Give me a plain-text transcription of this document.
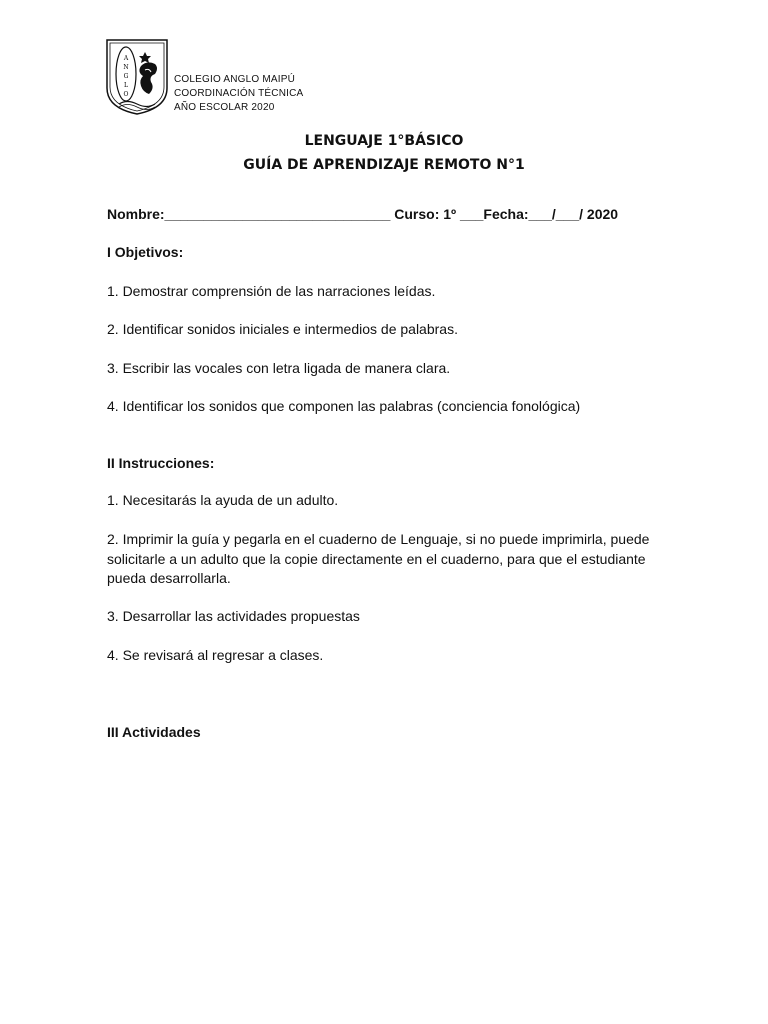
A
N
G
L
O
COLEGIO ANGLO MAIPÚ
COORDINACIÓN TÉCNICA
AÑO ESCOLAR 2020
LENGUAJE 1°BÁSICO
GUÍA DE APRENDIZAJE REMOTO N°1
Nombre:_____________________________ Curso: 1º ___Fecha:___/___/ 2020
I Objetivos:
1. Demostrar comprensión de las narraciones leídas.
2. Identificar sonidos iniciales e intermedios de palabras.
3. Escribir las vocales con letra ligada de manera clara.
4. Identificar los sonidos que componen las palabras (conciencia fonológica)
II Instrucciones:
1. Necesitarás la ayuda de un adulto.
2. Imprimir la guía y pegarla en el cuaderno de Lenguaje, si no puede imprimirla, puede solicitarle a un adulto que la copie directamente en el cuaderno, para que el estudiante pueda desarrollarla.
3. Desarrollar las actividades propuestas
4. Se revisará al regresar a clases.
III Actividades
